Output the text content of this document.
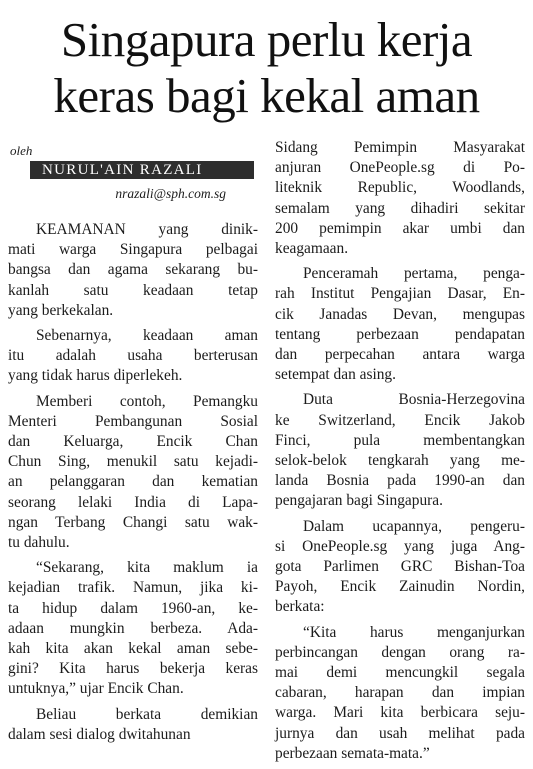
Singapura perlu kerja
keras bagi kekal aman
oleh
NURUL'AIN RAZALI
nrazali@sph.com.sg
KEAMANAN yang dinik-
mati warga Singapura pelbagai
bangsa dan agama sekarang bu-
kanlah satu keadaan tetap
yang berkekalan.
Sebenarnya, keadaan aman
itu adalah usaha berterusan
yang tidak harus diperlekeh.
Memberi contoh, Pemangku
Menteri Pembangunan Sosial
dan Keluarga, Encik Chan
Chun Sing, menukil satu kejadi-
an pelanggaran dan kematian
seorang lelaki India di Lapa-
ngan Terbang Changi satu wak-
tu dahulu.
“Sekarang, kita maklum ia
kejadian trafik. Namun, jika ki-
ta hidup dalam 1960-an, ke-
adaan mungkin berbeza. Ada-
kah kita akan kekal aman sebe-
gini? Kita harus bekerja keras
untuknya,” ujar Encik Chan.
Beliau berkata demikian
dalam sesi dialog dwitahunan
Sidang Pemimpin Masyarakat
anjuran OnePeople.sg di Po-
liteknik Republic, Woodlands,
semalam yang dihadiri sekitar
200 pemimpin akar umbi dan
keagamaan.
Penceramah pertama, penga-
rah Institut Pengajian Dasar, En-
cik Janadas Devan, mengupas
tentang perbezaan pendapatan
dan perpecahan antara warga
setempat dan asing.
Duta Bosnia-Herzegovina
ke Switzerland, Encik Jakob
Finci, pula membentangkan
selok-belok tengkarah yang me-
landa Bosnia pada 1990-an dan
pengajaran bagi Singapura.
Dalam ucapannya, pengeru-
si OnePeople.sg yang juga Ang-
gota Parlimen GRC Bishan-Toa
Payoh, Encik Zainudin Nordin,
berkata:
“Kita harus menganjurkan
perbincangan dengan orang ra-
mai demi mencungkil segala
cabaran, harapan dan impian
warga. Mari kita berbicara seju-
jurnya dan usah melihat pada
perbezaan semata-mata.”
